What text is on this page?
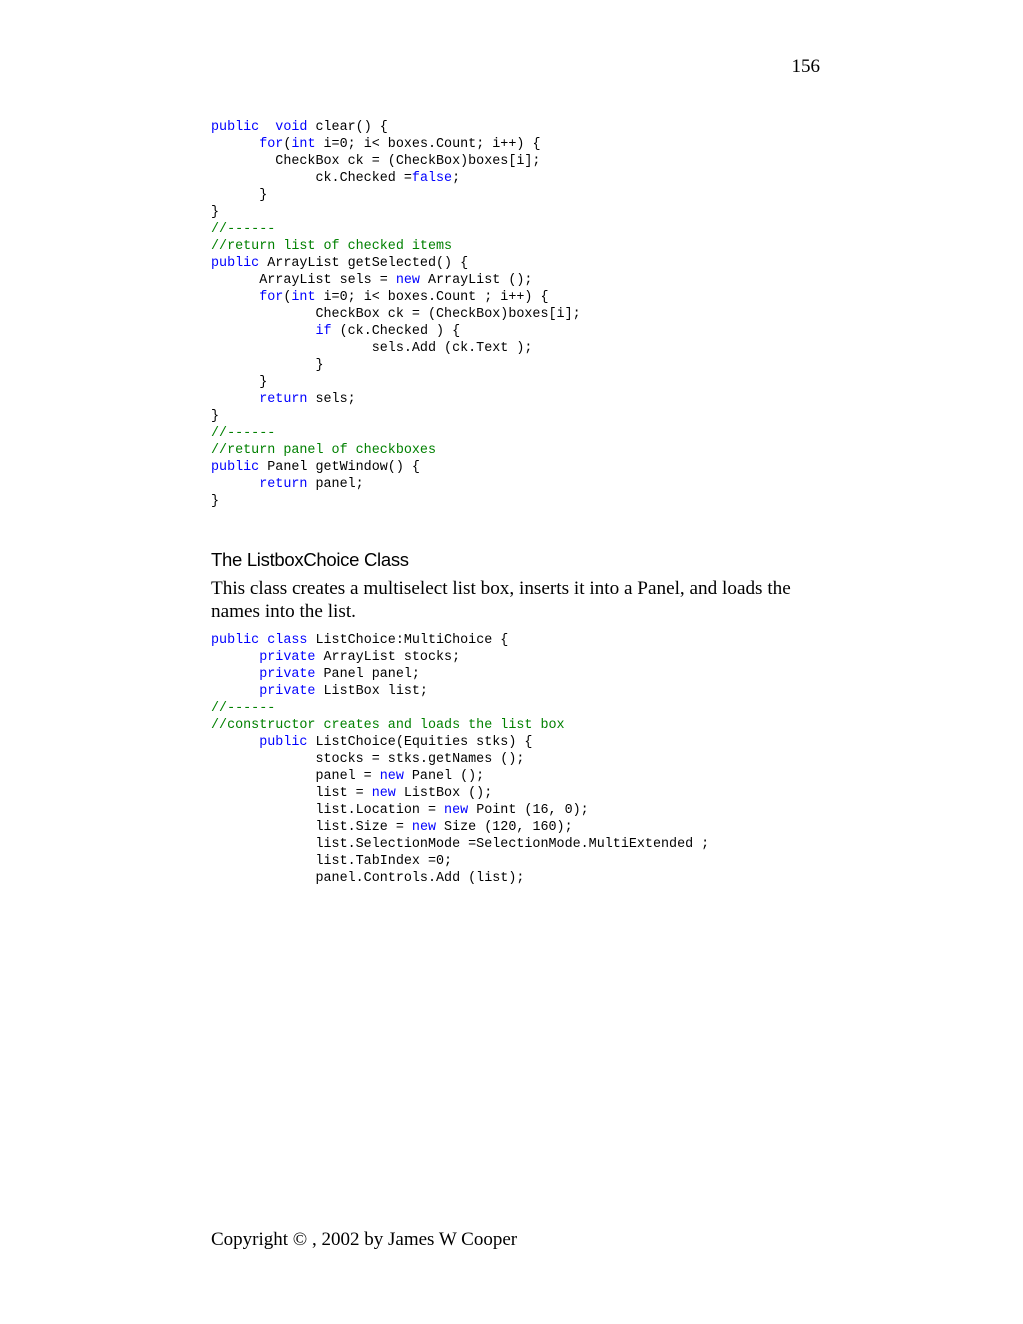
156
public void clear() {
for(int i=0; i< boxes.Count; i++) {
CheckBox ck = (CheckBox)boxes[i];
ck.Checked =false;
}
}
//------
//return list of checked items
public ArrayList getSelected() {
ArrayList sels = new ArrayList ();
for(int i=0; i< boxes.Count ; i++) {
CheckBox ck = (CheckBox)boxes[i];
if (ck.Checked ) {
sels.Add (ck.Text );
}
}
return sels;
}
//------
//return panel of checkboxes
public Panel getWindow() {
return panel;
}
The ListboxChoice Class
This class creates a multiselect list box, inserts it into a Panel, and loads the names into the list.
public class ListChoice:MultiChoice {
private ArrayList stocks;
private Panel panel;
private ListBox list;
//------
//constructor creates and loads the list box
public ListChoice(Equities stks) {
stocks = stks.getNames ();
panel = new Panel ();
list = new ListBox ();
list.Location = new Point (16, 0);
list.Size = new Size (120, 160);
list.SelectionMode =SelectionMode.MultiExtended ;
list.TabIndex =0;
panel.Controls.Add (list);
Copyright © , 2002 by James W Cooper
